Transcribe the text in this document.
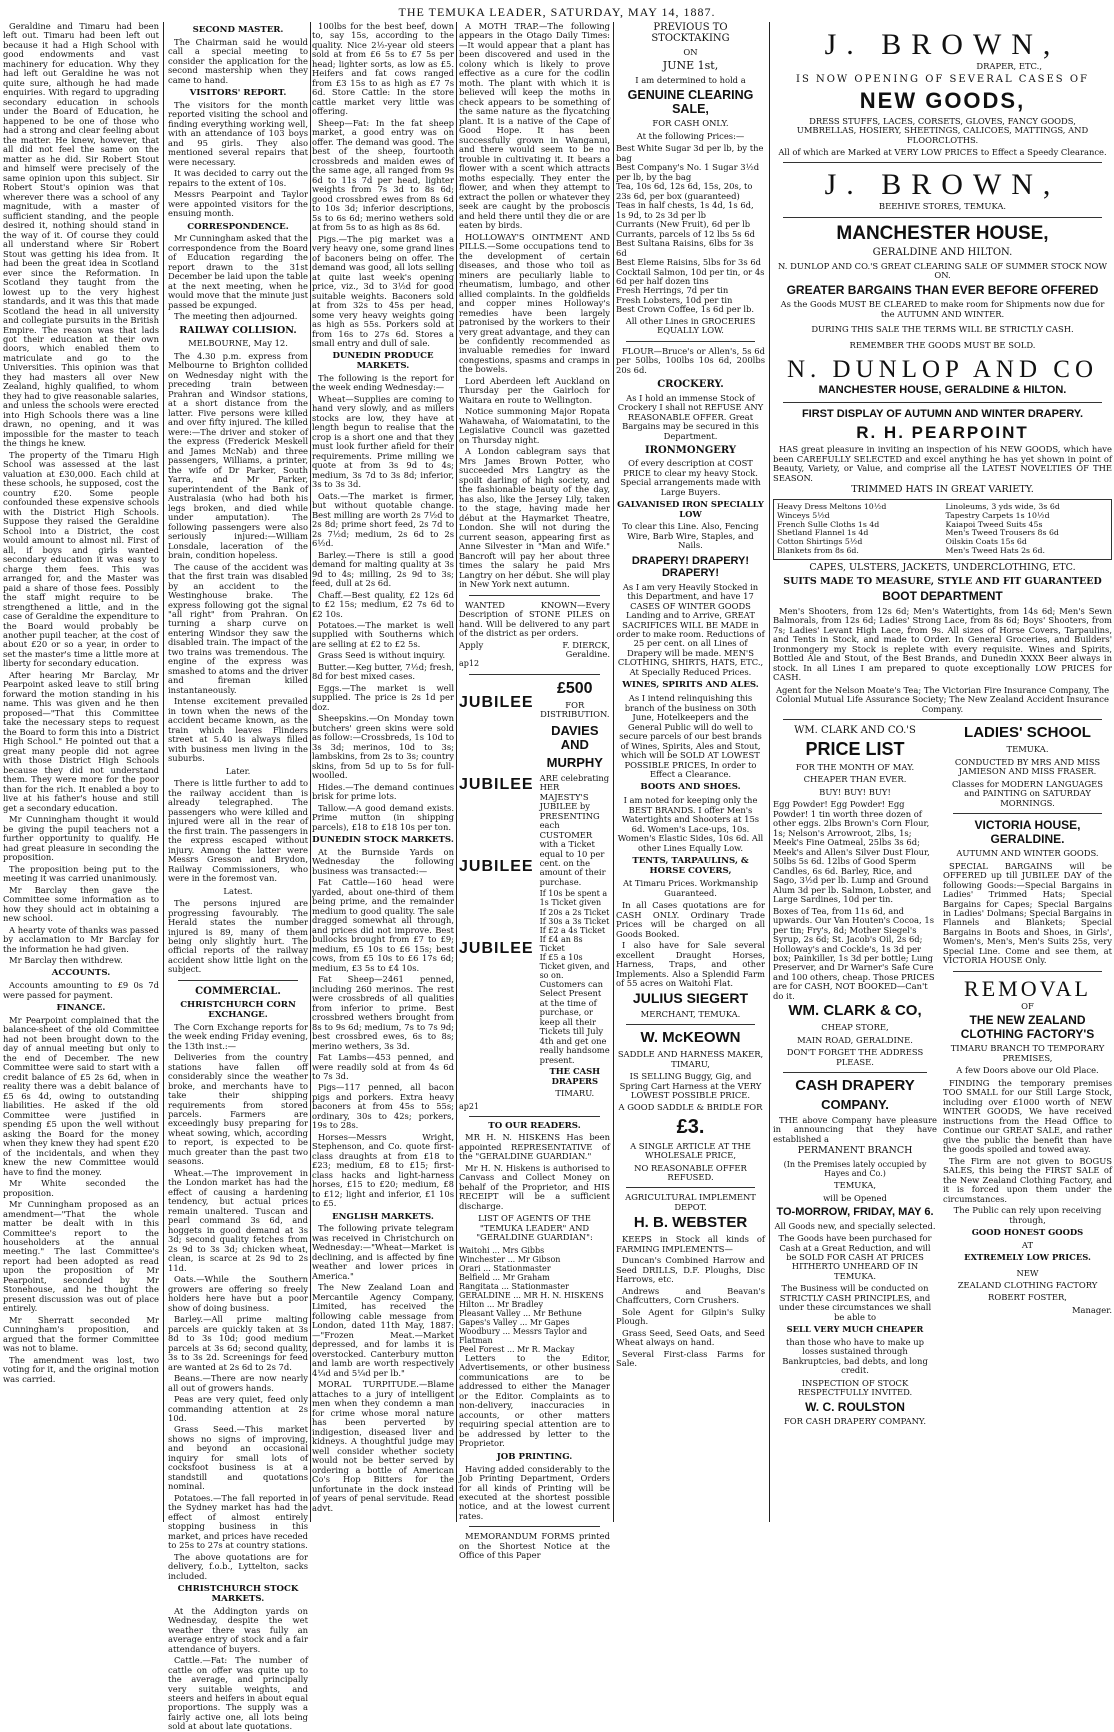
THE TEMUKA LEADER, SATURDAY, MAY 14, 1887.

Geraldine and Timaru had been left out. Timaru had been left out because it had a High School with good endowments and vast machinery for education. Why they had left out Geraldine he was not quite sure, although he had made enquiries. With regard to upgrading secondary education in schools under the Board of Education, he happened to be one of those who had a strong and clear feeling about the matter. He knew, however, that all did not feel the same on the matter as he did. Sir Robert Stout and himself were precisely of the same opinion upon this subject. Sir Robert Stout's opinion was that wherever there was a school of any magnitude, with a master of sufficient standing, and the people desired it, nothing should stand in the way of it. Of course they could all understand where Sir Robert Stout was getting his idea from. It had been the great idea in Scotland ever since the Reformation. In Scotland they taught from the lowest up to the very highest standards, and it was this that made Scotland the head in all university and collegiate pursuits in the British Empire. The reason was that lads got their education at their own doors, which enabled them to matriculate and go to the Universities. This opinion was that they had masters all over New Zealand, highly qualified, to whom they had to give reasonable salaries, and unless the schools were erected into High Schools there was a line drawn, no opening, and it was impossible for the master to teach the things he knew.

The property of the Timaru High School was assessed at the last valuation at £30,000. Each child at these schools, he supposed, cost the country £20. Some people confounded these expensive schools with the District High Schools. Suppose they raised the Geraldine School into a District, the cost would amount to almost nil. First of all, if boys and girls wanted secondary education it was easy to charge them fees. This was arranged for, and the Master was paid a share of those fees. Possibly the staff might require to be strengthened a little, and in the case of Geraldine the expenditure to the Board would probably be another pupil teacher, at the cost of about £20 or so a year, in order to set the master's time a little more at liberty for secondary education.

After hearing Mr Barclay, Mr Pearpoint asked leave to still bring forward the motion standing in his name. This was given and he then proposed—"That this Committee take the necessary steps to request the Board to form this into a District High School." He pointed out that a great many people did not agree with those District High Schools because they did not understand them. They were more for the poor than for the rich. It enabled a boy to live at his father's house and still get a secondary education.

Mr Cunningham thought it would be giving the pupil teachers not a further opportunity to qualify. He had great pleasure in seconding the proposition.

The proposition being put to the meeting it was carried unanimously.

Mr Barclay then gave the Committee some information as to how they should act in obtaining a new school.

A hearty vote of thanks was passed by acclamation to Mr Barclay for the information he had given.

Mr Barclay then withdrew.

ACCOUNTS.

Accounts amounting to £9 0s 7d were passed for payment.

FINANCE.

Mr Pearpoint complained that the balance-sheet of the old Committee had not been brought down to the day of annual meeting but only to the end of December. The new Committee were said to start with a credit balance of £5 2s 6d, when in reality there was a debit balance of £5 6s 4d, owing to outstanding liabilities. He asked if the old Committee were justified in spending £5 upon the well without asking the Board for the money when they knew they had spent £20 of the incidentals, and when they knew the new Committee would have to find the money.

Mr White seconded the proposition.

Mr Cunningham proposed as an amendment—"That the whole matter be dealt with in this Committee's report to the householders at the annual meeting." The last Committee's report had been adopted as read upon the proposition of Mr Pearpoint, seconded by Mr Stonehouse, and he thought the present discussion was out of place entirely.

Mr Sherratt seconded Mr Cunningham's proposition, and argued that the former Committee was not to blame.

The amendment was lost, two voting for it, and the original motion was carried.

SECOND MASTER.

The Chairman said he would call a special meeting to consider the application for the second mastership when they came to hand.

VISITORS' REPORT.

The visitors for the month reported visiting the school and finding everything working well, with an attendance of 103 boys and 95 girls. They also mentioned several repairs that were necessary.

It was decided to carry out the repairs to the extent of 10s.

Messrs Pearpoint and Taylor were appointed visitors for the ensuing month.

CORRESPONDENCE.

Mr Cunningham asked that the correspondence from the Board of Education regarding the report drawn to the 31st December be laid upon the table at the next meeting, when he would move that the minute just passed be expunged.

The meeting then adjourned.

RAILWAY COLLISION.

MELBOURNE, May 12.

The 4.30 p.m. express from Melbourne to Brighton collided on Wednesday night with the preceding train between Prahran and Windsor stations, at a short distance from the latter. Five persons were killed and over fifty injured. The killed were:—The driver and stoker of the express (Frederick Meskell and James McNab) and three passengers, Williams, a printer, the wife of Dr Parker, South Yarra, and Mr Parker, superintendent of the Bank of Australasia (who had both his legs broken, and died while under amputation). The following passengers were also seriously injured:—William Lonsdale, laceration of the brain, condition hopeless.

The cause of the accident was that the first train was disabled by an accident to the Westinghouse brake. The express following got the signal "all right" from Prahran. On turning a sharp curve on entering Windsor they saw the disabled train. The impact of the two trains was tremendous. The engine of the express was smashed to atoms and the driver and fireman killed instantaneously.

Intense excitement prevailed in town when the news of the accident became known, as the train which leaves Flinders street at 5.40 is always filled with business men living in the suburbs.

Later.

There is little further to add to the railway accident than is already telegraphed. The passengers who were killed and injured were all in the rear of the first train. The passengers in the express escaped without injury. Among the latter were Messrs Gresson and Brydon, Railway Commissioners, who were in the foremost van.

Latest.

The persons injured are progressing favourably. The Herald states the number injured is 89, many of them being only slightly hurt. The official reports of the railway accident show little light on the subject.

COMMERCIAL.
CHRISTCHURCH CORN EXCHANGE.

The Corn Exchange reports for the week ending Friday evening, the 13th inst.:—

Deliveries from the country stations have fallen off considerably since the weather broke, and merchants have to take their shipping requirements from stored parcels. Farmers are exceedingly busy preparing for wheat sowing, which, according to report, is expected to be much greater than the past two seasons.

Wheat.—The improvement in the London market has had the effect of causing a hardening tendency, but actual prices remain unaltered. Tuscan and pearl command 3s 6d, and hoggets in good demand at 3s 3d; second quality fetches from 2s 9d to 3s 3d; chicken wheat, clean, is scarce at 2s 9d to 2s 11d.

Oats.—While the Southern growers are offering so freely holders here have but a poor show of doing business.

Barley.—All prime malting parcels are quickly taken at 3s 8d to 3s 10d; good medium parcels at 3s 6d; second quality, 3s to 3s 2d. Screenings for feed are wanted at 2s 6d to 2s 7d.

Beans.—There are now nearly all out of growers hands.

Peas are very quiet, feed only commanding attention at 2s 10d.

Grass Seed.—This market shows no signs of improving, and beyond an occasional inquiry for small lots of cocksfoot business is at a standstill and quotations nominal.

Potatoes.—The fall reported in the Sydney market has had the effect of almost entirely stopping business in this market, and prices have receded to 25s to 27s at country stations.

The above quotations are for delivery, f.o.b., Lyttelton, sacks included.

CHRISTCHURCH STOCK MARKETS.

At the Addington yards on Wednesday, despite the wet weather there was fully an average entry of stock and a fair attendance of buyers.

Cattle.—Fat: The number of cattle on offer was quite up to the average, and principally very suitable weights, and steers and heifers in about equal proportions. The supply was a fairly active one, all lots being sold at about late quotations.

100lbs for the best beef, down to, say 15s, according to the quality. Nice 2½-year old steers sold at from £6 5s to £7 5s per head; lighter sorts, as low as £5. Heifers and fat cows ranged from £3 15s to as high as £7 7s 6d. Store Cattle: In the store cattle market very little was offering.

Sheep—Fat: In the fat sheep market, a good entry was on offer. The demand was good. The best of the sheep, fourtooth crossbreds and maiden ewes of the same age, all ranged from 9s 6d to 11s 7d per head, lighter weights from 7s 3d to 8s 6d; good crossbred ewes from 8s 6d to 10s 3d; inferior descriptions, 5s to 6s 6d; merino wethers sold at from 5s to as high as 8s 6d.

Pigs.—The pig market was a very heavy one, some grand lines of baconers being on offer. The demand was good, all lots selling at quite last week's opening price, viz., 3d to 3½d for good suitable weights. Baconers sold at from 32s to 45s per head, some very heavy weights going as high as 55s. Porkers sold at from 16s to 27s 6d. Stores a small entry and dull of sale.

DUNEDIN PRODUCE MARKETS.

The following is the report for the week ending Wednesday:—

Wheat—Supplies are coming to hand very slowly, and as millers stocks are low, they have at length begun to realise that the crop is a short one and that they must look further afield for their requirements. Prime milling we quote at from 3s 9d to 4s; medium, 3s 7d to 3s 8d; inferior, 3s to 3s 3d.

Oats.—The market is firmer, but without quotable change. Best milling are worth 2s 7½d to 2s 8d; prime short feed, 2s 7d to 2s 7½d; medium, 2s 6d to 2s 6½d.

Barley.—There is still a good demand for malting quality at 3s 9d to 4s; milling, 2s 9d to 3s; feed, dull at 2s 6d.

Chaff.—Best quality, £2 12s 6d to £2 15s; medium, £2 7s 6d to £2 10s.

Potatoes.—The market is well supplied with Southerns which are selling at £2 to £2 5s.

Grass Seed is without inquiry.

Butter.—Keg butter, 7½d; fresh, 8d for best mixed cases.

Eggs.—The market is well supplied. The price is 2s 1d per doz.

Sheepskins.—On Monday town butchers' green skins were sold as follow:—Crossbreds, 1s 10d to 3s 3d; merinos, 10d to 3s; lambskins, from 2s to 3s; country skins, from 5d up to 5s for full-woolled.

Hides.—The demand continues brisk for prime lots.

Tallow.—A good demand exists. Prime mutton (in shipping parcels), £18 to £18 10s per ton.

DUNEDIN STOCK MARKETS.

At the Burnside Yards on Wednesday the following business was transacted:—

Fat Cattle—160 head were yarded, about one-third of them being prime, and the remainder medium to good quality. The sale dragged somewhat all through, and prices did not improve. Best bullocks brought from £7 to £9; medium, £5 10s to £6 15s; best cows, from £5 10s to £6 17s 6d; medium, £3 5s to £4 10s.

Fat Sheep—2461 penned, including 260 merinos. The rest were crossbreds of all qualities from inferior to prime. Best crossbred wethers brought from 8s to 9s 6d; medium, 7s to 7s 9d; best crossbred ewes, 6s to 8s; merino wethers, 3s 3d.

Fat Lambs—453 penned, and were readily sold at from 4s 6d to 7s 3d.

Pigs—117 penned, all bacon pigs and porkers. Extra heavy baconers at from 45s to 55s; ordinary, 30s to 42s; porkers, 19s to 28s.

Horses—Messrs Wright, Stephenson, and Co. quote first-class draughts at from £18 to £23; medium, £8 to £15; first-class hacks and light-harness horses, £15 to £20; medium, £8 to £12; light and inferior, £1 10s to £5.

ENGLISH MARKETS.

The following private telegram was received in Christchurch on Wednesday:—"Wheat—Market is declining, and is affected by fine weather and lower prices in America."

The New Zealand Loan and Mercantile Agency Company, Limited, has received the following cable message from London, dated 11th May, 1887:—"Frozen Meat.—Market depressed, and for lambs it is overstocked. Canterbury mutton and lamb are worth respectively 4¼d and 5¼d per lb."

MORAL TURPITUDE.—Blame attaches to a jury of intelligent men when they condemn a man for crime whose moral nature has been perverted by indigestion, diseased liver and kidneys. A thoughtful judge may well consider whether society would not be better served by ordering a bottle of American Co's Hop Bitters for the unfortunate in the dock instead of years of penal servitude. Read advt.

A MOTH TRAP.—The following appears in the Otago Daily Times:—It would appear that a plant has been discovered and used in the colony which is likely to prove effective as a cure for the codlin moth. The plant with which it is believed will keep the moths in check appears to be something of the same nature as the flycatching plant. It is a native of the Cape of Good Hope. It has been successfully grown in Wanganui, and there would seem to be no trouble in cultivating it. It bears a flower with a scent which attracts moths especially. They enter the flower, and when they attempt to extract the pollen or whatever they seek are caught by the proboscis and held there until they die or are eaten by birds.

HOLLOWAY'S OINTMENT AND PILLS.—Some occupations tend to the development of certain diseases, and those who toil as miners are peculiarly liable to rheumatism, lumbago, and other allied complaints. In the goldfields and copper mines Holloway's remedies have been largely patronised by the workers to their very great advantage, and they can be confidently recommended as invaluable remedies for inward congestions, spasms and cramps in the bowels.

Lord Aberdeen left Auckland on Thursday per the Gairloch for Waitara en route to Wellington.

Notice summoning Major Ropata Wahawaha, of Waiomatatini, to the Legislative Council was gazetted on Thursday night.

A London cablegram says that Mrs James Brown Potter, who succeeded Mrs Langtry as the spoilt darling of high society, and the fashionable beauty of the day, has also, like the Jersey Lily, taken to the stage, having made her début at the Haymarket Theatre, London. She will not during the current season, appearing first as Anne Silvester in "Man and Wife." Bancroft will pay her about three times the salary he paid Mrs Langtry on her début. She will play in New York next autumn.

WANTED KNOWN—Every Description of STONE PILES on hand. Will be delivered to any part of the district as per orders.

Apply	F. DIERCK,
Geraldine.
ap12
JUBILEE
JUBILEE
JUBILEE
JUBILEE
£500
FOR DISTRIBUTION.
DAVIES AND
MURPHY

ARE celebrating HER MAJESTY'S JUBILEE by PRESENTING each CUSTOMER with a Ticket equal to 10 per cent. on the amount of their purchase.

If 10s be spent a 1s Ticket given
If 20s a 2s Ticket
If 30s a 3s Ticket
If £2 a 4s Ticket
If £4 an 8s Ticket
If £5 a 10s Ticket given, and so on.

Customers can Select Present at the time of purchase, or keep all their Tickets till July 4th and get one really handsome present.

THE CASH DRAPERS
TIMARU.
ap21
TO OUR READERS.

MR H. N. HISKENS Has been appointed REPRESENTATIVE of the "GERALDINE GUARDIAN."

Mr H. N. Hiskens is authorised to Canvass and Collect Money on behalf of the Proprietor, and HIS RECEIPT will be a sufficient discharge.

LIST OF AGENTS OF THE "TEMUKA LEADER" AND "GERALDINE GUARDIAN":

Waitohi ... Mrs Gibbs
Winchester ... Mr Gibson
Orari ... Stationmaster
Belfield ... Mr Graham
Rangitata ... Stationmaster
GERALDINE ... MR H. N. HISKENS
Hilton ... Mr Bradley
Pleasant Valley ... Mr Bethune
Gapes's Valley ... Mr Gapes
Woodbury ... Messrs Taylor and Flatman
Peel Forest ... Mr R. Mackay

Letters to the Editor, Advertisements, or other business communications are to be addressed to either the Manager or the Editor. Complaints as to non-delivery, inaccuracies in accounts, or other matters requiring special attention are to be addressed by letter to the Proprietor.

JOB PRINTING.

Having added considerably to the Job Printing Department, Orders for all kinds of Printing will be executed at the shortest possible notice, and at the lowest current rates.

MEMORANDUM FORMS printed on the Shortest Notice at the Office of this Paper

PREVIOUS TO STOCKTAKING
ON
JUNE 1st,
I am determined to hold a
GENUINE CLEARING SALE,
FOR CASH ONLY.
At the following Prices:—
Best White Sugar 3d per lb, by the bag
Best Company's No. 1 Sugar 3½d per lb, by the bag
Tea, 10s 6d, 12s 6d, 15s, 20s, to 23s 6d, per box (guaranteed)
Teas in half chests, 1s 4d, 1s 6d, 1s 9d, to 2s 3d per lb
Currants (New Fruit), 6d per lb
Currants, parcels of 12 lbs 5s 6d
Best Sultana Raisins, 6lbs for 3s 6d
Best Eleme Raisins, 5lbs for 3s 6d
Cocktail Salmon, 10d per tin, or 4s 6d per half dozen tins
Fresh Herrings, 7d per tin
Fresh Lobsters, 10d per tin
Best Crown Coffee, 1s 6d per lb.
All other Lines in GROCERIES EQUALLY LOW.

FLOUR—Bruce's or Allen's, 5s 6d per 50lbs, 100lbs 10s 6d, 200lbs 20s 6d.

CROCKERY.

As I hold an immense Stock of Crockery I shall not REFUSE ANY REASONABLE OFFER. Great Bargains may be secured in this Department.

IRONMONGERY

Of every description at COST PRICE to clear my heavy Stock. Special arrangements made with Large Buyers.

GALVANISED IRON SPECIALLY LOW

To clear this Line. Also, Fencing Wire, Barb Wire, Staples, and Nails.

DRAPERY! DRAPERY! DRAPERY!

As I am very Heavily Stocked in this Department, and have 17 CASES OF WINTER GOODS Landing and to Arrive, GREAT SACRIFICES WILL BE MADE in order to make room. Reductions of 25 per cent. on all Lines of Drapery will be made. MEN'S CLOTHING, SHIRTS, HATS, ETC., At Specially Reduced Prices.

WINES, SPIRITS AND ALES.

As I intend relinquishing this branch of the business on 30th June, Hotelkeepers and the General Public will do well to secure parcels of our best brands of Wines, Spirits, Ales and Stout, which will be SOLD AT LOWEST POSSIBLE PRICES, In order to Effect a Clearance.

BOOTS AND SHOES.

I am noted for keeping only the BEST BRANDS. I offer Men's Watertights and Shooters at 15s 6d. Women's Lace-ups, 10s. Women's Elastic Sides, 10s 6d. All other Lines Equally Low.

TENTS, TARPAULINS, & HORSE COVERS,

At Timaru Prices. Workmanship Guaranteed.

In all Cases quotations are for CASH ONLY. Ordinary Trade Prices will be charged on all Goods Booked.

I also have for Sale several excellent Draught Horses, Harness, Traps, and other Implements. Also a Splendid Farm of 55 acres on Waitohi Flat.

JULIUS SIEGERT
MERCHANT, TEMUKA.
W. McKEOWN
SADDLE AND HARNESS MAKER, TIMARU,

IS SELLING Buggy, Gig, and Spring Cart Harness at the VERY LOWEST POSSIBLE PRICE.

A GOOD SADDLE & BRIDLE FOR
£3.
A SINGLE ARTICLE AT THE WHOLESALE PRICE,
NO REASONABLE OFFER REFUSED.
AGRICULTURAL IMPLEMENT DEPOT.
H. B. WEBSTER

KEEPS in Stock all kinds of FARMING IMPLEMENTS—

Duncan's Combined Harrow and Seed DRILLS, D.F. Ploughs, Disc Harrows, etc.

Andrews and Beavan's Chaffcutters, Corn Crushers.

Sole Agent for Gilpin's Sulky Plough.

Grass Seed, Seed Oats, and Seed Wheat always on hand.

Several First-class Farms for Sale.

J. BROWN,
DRAPER, ETC.,
IS NOW OPENING OF SEVERAL CASES OF
NEW GOODS,
DRESS STUFFS, LACES, CORSETS, GLOVES, FANCY GOODS, UMBRELLAS, HOSIERY, SHEETINGS, CALICOES, MATTINGS, AND FLOORCLOTHS.
All of which are Marked at VERY LOW PRICES to Effect a Speedy Clearance.
J. BROWN,
BEEHIVE STORES, TEMUKA.
MANCHESTER HOUSE,
GERALDINE AND HILTON.

N. DUNLOP AND CO.'S GREAT CLEARING SALE OF SUMMER STOCK NOW ON.

GREATER BARGAINS THAN EVER BEFORE OFFERED

As the Goods MUST BE CLEARED to make room for Shipments now due for the AUTUMN AND WINTER.

DURING THIS SALE THE TERMS WILL BE STRICTLY CASH.
REMEMBER THE GOODS MUST BE SOLD.
N. DUNLOP AND CO
MANCHESTER HOUSE, GERALDINE & HILTON.
FIRST DISPLAY OF AUTUMN AND WINTER DRAPERY.
R. H. PEARPOINT

HAS great pleasure in inviting an inspection of his NEW GOODS, which have been CAREFULLY SELECTED and excel anything he has yet shown in point of Beauty, Variety, or Value, and comprise all the LATEST NOVELTIES OF THE SEASON.

TRIMMED HATS IN GREAT VARIETY.
Heavy Dress Meltons 10½d
Winceys 5½d
French Sulle Cloths 1s 4d
Shetland Flannel 1s 4d
Cotton Shirtings 5½d
Blankets from 8s 6d.
Linoleums, 3 yds wide, 3s 6d
Tapestry Carpets 1s 10½d
Kaiapoi Tweed Suits 45s
Men's Tweed Trousers 8s 6d
Oilskin Coats 15s 6d
Men's Tweed Hats 2s 6d.
CAPES, ULSTERS, JACKETS, UNDERCLOTHING, ETC.
SUITS MADE TO MEASURE, STYLE AND FIT GUARANTEED
BOOT DEPARTMENT

Men's Shooters, from 12s 6d; Men's Watertights, from 14s 6d; Men's Sewn Balmorals, from 12s 6d; Ladies' Strong Lace, from 8s 6d; Boys' Shooters, from 7s; Ladies' Levant High Lace, from 9s. All sizes of Horse Covers, Tarpaulins, and Tents in Stock, and made to Order. In General Groceries, and Builders' Ironmongery my Stock is replete with every requisite. Wines and Spirits, Bottled Ale and Stout, of the Best Brands, and Dunedin XXXX Beer always in stock. In all Lines I am prepared to quote exceptionally LOW PRICES for CASH.

Agent for the Nelson Moate's Tea; The Victorian Fire Insurance Company, The Colonial Mutual Life Assurance Society; The New Zealand Accident Insurance Company.

WM. CLARK AND CO.'S
PRICE LIST
FOR THE MONTH OF MAY.
CHEAPER THAN EVER.
BUY! BUY! BUY!

Egg Powder! Egg Powder! Egg Powder! 1 tin worth three dozen of other eggs. 2lbs Brown's Corn Flour, 1s; Nelson's Arrowroot, 2lbs, 1s; Meek's Fine Oatmeal, 25lbs 3s 6d; Meek's and Allen's Silver Dust Flour, 50lbs 5s 6d. 12lbs of Good Sperm Candles, 6s 6d. Barley, Rice, and Sago, 3½d per lb. Lump and Ground Alum 3d per lb. Salmon, Lobster, and Large Sardines, 10d per tin.

Boxes of Tea, from 11s 6d, and upwards. Our Van Houten's Cocoa, 1s per tin; Fry's, 8d; Mother Siegel's Syrup, 2s 6d; St. Jacob's Oil, 2s 6d; Holloway's and Cockle's, 1s 3d per box; Painkiller, 1s 3d per bottle; Lung Preserver, and Dr Warner's Safe Cure and 100 others, cheap. Those PRICES are for CASH, NOT BOOKED—Can't do it.

WM. CLARK & CO,
CHEAP STORE,
MAIN ROAD, GERALDINE.
DON'T FORGET THE ADDRESS PLEASE.
CASH DRAPERY
COMPANY.

THE above Company have pleasure in announcing that they have established a

PERMANENT BRANCH
(In the Premises lately occupied by Hayes and Co.)
TEMUKA,
will be Opened
TO-MORROW, FRIDAY, MAY 6.
All Goods new, and specially selected.

The Goods have been purchased for Cash at a Great Reduction, and will be SOLD FOR CASH AT PRICES HITHERTO UNHEARD OF IN TEMUKA.

The Business will be conducted on STRICTLY CASH PRINCIPLES, and under these circumstances we shall be able to

SELL VERY MUCH CHEAPER

than those who have to make up losses sustained through Bankruptcies, bad debts, and long credit.

INSPECTION OF STOCK RESPECTFULLY INVITED.
W. C. ROULSTON
FOR CASH DRAPERY COMPANY.
LADIES' SCHOOL
TEMUKA.

CONDUCTED BY MRS AND MISS JAMIESON AND MISS FRASER.

Classes for MODERN LANGUAGES and PAINTING on SATURDAY MORNINGS.

VICTORIA HOUSE, GERALDINE.
AUTUMN AND WINTER GOODS.

SPECIAL BARGAINS will be OFFERED up till JUBILEE DAY of the following Goods:—Special Bargains in Ladies' Trimmed Hats; Special Bargains for Capes; Special Bargains in Ladies' Dolmans; Special Bargains in Flannels and Blankets; Special Bargains in Boots and Shoes, in Girls', Women's, Men's, Men's Suits 25s, very Special Line. Come and see them, at VICTORIA HOUSE Only.

REMOVAL
OF
THE NEW ZEALAND CLOTHING FACTORY'S
TIMARU BRANCH TO TEMPORARY PREMISES,
A few Doors above our Old Place.

FINDING the temporary premises TOO SMALL for our Still Large Stock, including over £1000 worth of NEW WINTER GOODS, We have received instructions from the Head Office to Continue our GREAT SALE, and rather give the public the benefit than have the goods spoiled and towed away.

The Firm are not given to BOGUS SALES, this being the FIRST SALE of the New Zealand Clothing Factory, and it is forced upon them under the circumstances.

The Public can rely upon receiving through,
GOOD HONEST GOODS
AT
EXTREMELY LOW PRICES.
NEW
ZEALAND CLOTHING FACTORY
ROBERT FOSTER,
Manager.
